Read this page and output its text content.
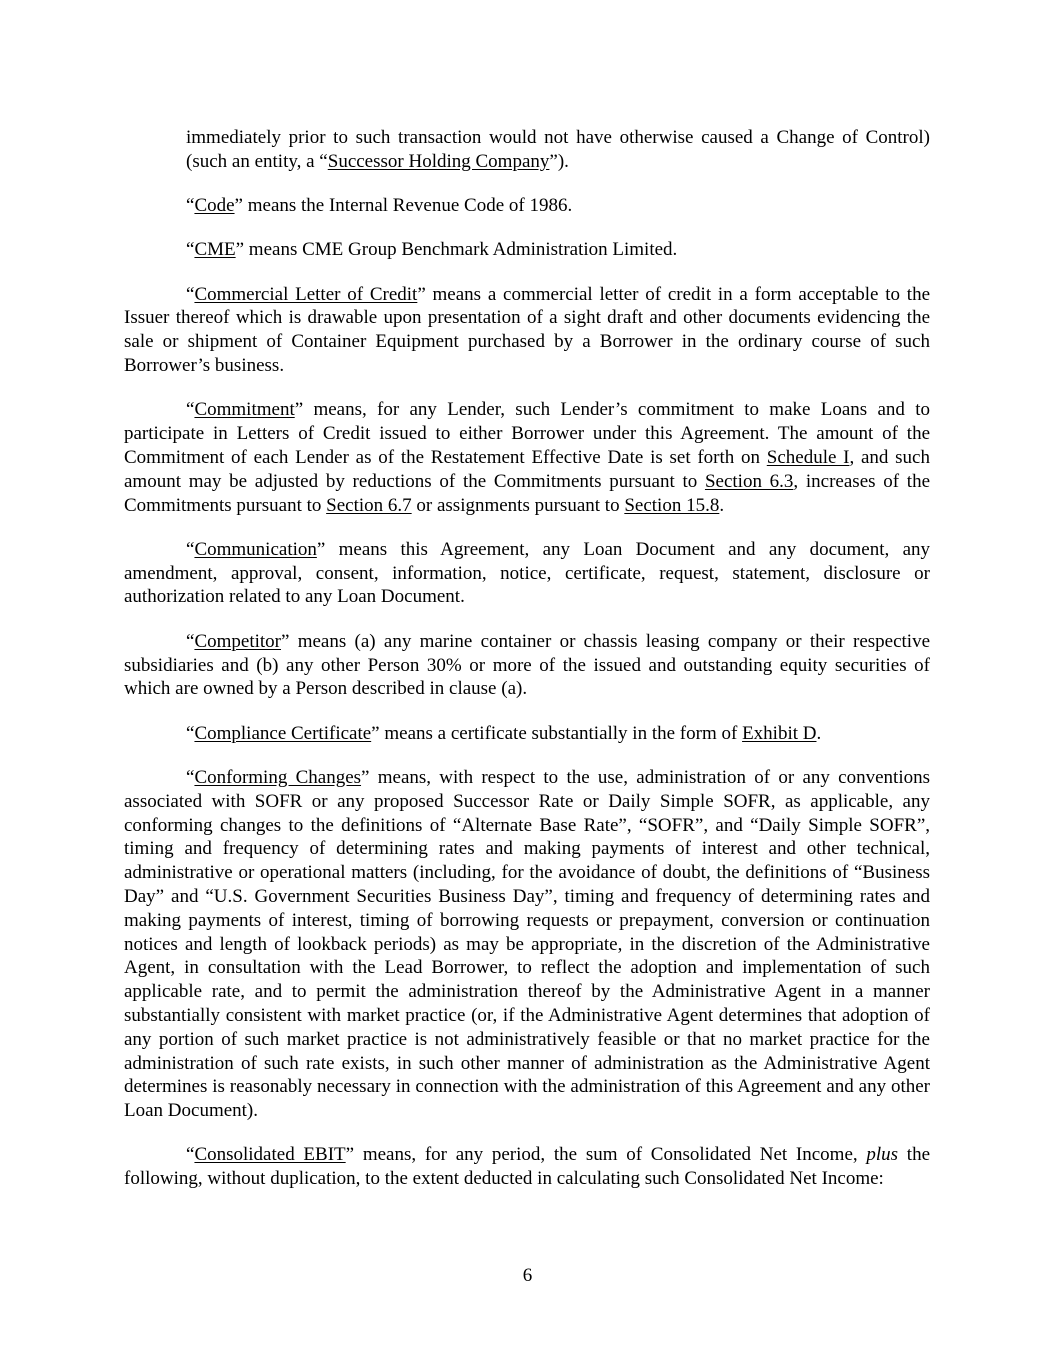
immediately prior to such transaction would not have otherwise caused a Change of Control) (such an entity, a “Successor Holding Company”).

“Code” means the Internal Revenue Code of 1986.

“CME” means CME Group Benchmark Administration Limited.

“Commercial Letter of Credit” means a commercial letter of credit in a form acceptable to the Issuer thereof which is drawable upon presentation of a sight draft and other documents evidencing the sale or shipment of Container Equipment purchased by a Borrower in the ordinary course of such Borrower’s business.

“Commitment” means, for any Lender, such Lender’s commitment to make Loans and to participate in Letters of Credit issued to either Borrower under this Agreement. The amount of the Commitment of each Lender as of the Restatement Effective Date is set forth on Schedule I, and such amount may be adjusted by reductions of the Commitments pursuant to Section 6.3, increases of the Commitments pursuant to Section 6.7 or assignments pursuant to Section 15.8.

“Communication” means this Agreement, any Loan Document and any document, any amendment, approval, consent, information, notice, certificate, request, statement, disclosure or authorization related to any Loan Document.

“Competitor” means (a) any marine container or chassis leasing company or their respective subsidiaries and (b) any other Person 30% or more of the issued and outstanding equity securities of which are owned by a Person described in clause (a).

“Compliance Certificate” means a certificate substantially in the form of Exhibit D.

“Conforming Changes” means, with respect to the use, administration of or any conventions associated with SOFR or any proposed Successor Rate or Daily Simple SOFR, as applicable, any conforming changes to the definitions of “Alternate Base Rate”, “SOFR”, and “Daily Simple SOFR”, timing and frequency of determining rates and making payments of interest and other technical, administrative or operational matters (including, for the avoidance of doubt, the definitions of “Business Day” and “U.S. Government Securities Business Day”, timing and frequency of determining rates and making payments of interest, timing of borrowing requests or prepayment, conversion or continuation notices and length of lookback periods) as may be appropriate, in the discretion of the Administrative Agent, in consultation with the Lead Borrower, to reflect the adoption and implementation of such applicable rate, and to permit the administration thereof by the Administrative Agent in a manner substantially consistent with market practice (or, if the Administrative Agent determines that adoption of any portion of such market practice is not administratively feasible or that no market practice for the administration of such rate exists, in such other manner of administration as the Administrative Agent determines is reasonably necessary in connection with the administration of this Agreement and any other Loan Document).

“Consolidated EBIT” means, for any period, the sum of Consolidated Net Income, plus the following, without duplication, to the extent deducted in calculating such Consolidated Net Income:

6
